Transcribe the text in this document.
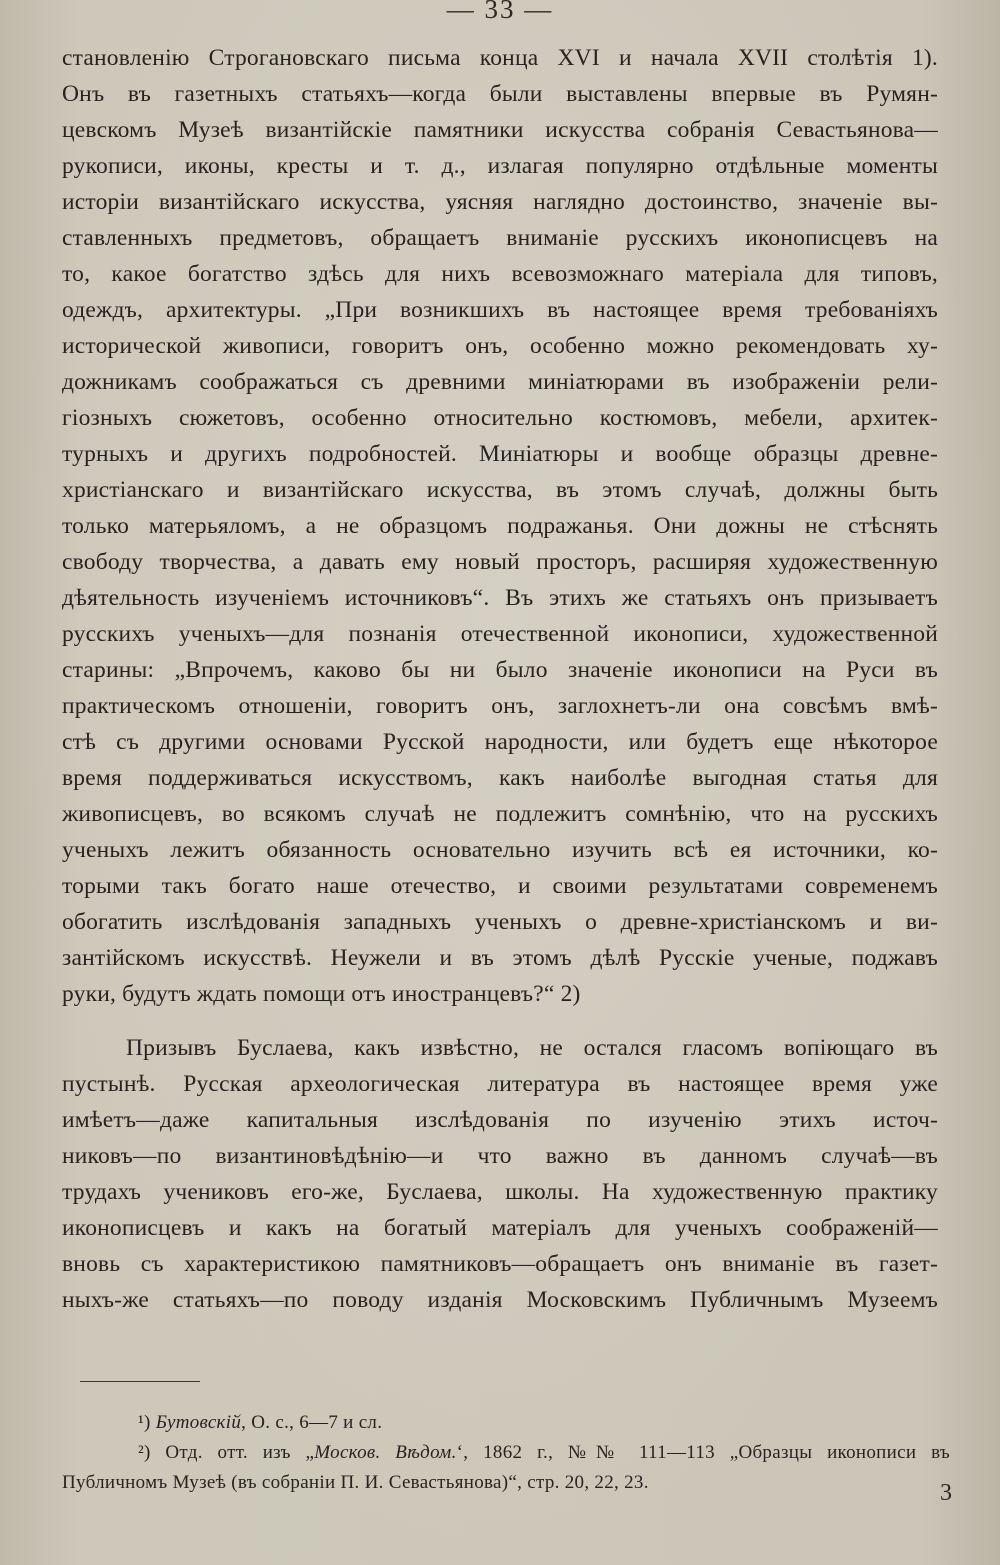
— 33 —
становленію Строгановскаго письма конца XVI и начала XVII столѣтія 1).
Онъ въ газетныхъ статьяхъ—когда были выставлены впервые въ Румян-
цевскомъ Музеѣ византійскіе памятники искусства собранія Севастьянова—
рукописи, иконы, кресты и т. д., излагая популярно отдѣльные моменты
исторіи византійскаго искусства, уясняя наглядно достоинство, значеніе вы-
ставленныхъ предметовъ, обращаетъ вниманіе русскихъ иконописцевъ на
то, какое богатство здѣсь для нихъ всевозможнаго матеріала для типовъ,
одеждъ, архитектуры. „При возникшихъ въ настоящее время требованіяхъ
исторической живописи, говоритъ онъ, особенно можно рекомендовать ху-
дожникамъ соображаться съ древними миніатюрами въ изображеніи рели-
гіозныхъ сюжетовъ, особенно относительно костюмовъ, мебели, архитек-
турныхъ и другихъ подробностей. Миніатюры и вообще образцы древне-
христіанскаго и византійскаго искусства, въ этомъ случаѣ, должны быть
только матерьяломъ, а не образцомъ подражанья. Они дожны не стѣснять
свободу творчества, а давать ему новый просторъ, расширяя художественную
дѣятельность изученіемъ источниковъ“. Въ этихъ же статьяхъ онъ призываетъ
русскихъ ученыхъ—для познанія отечественной иконописи, художественной
старины: „Впрочемъ, каково бы ни было значеніе иконописи на Руси въ
практическомъ отношеніи, говоритъ онъ, заглохнетъ-ли она совсѣмъ вмѣ-
стѣ съ другими основами Русской народности, или будетъ еще нѣкоторое
время поддерживаться искусствомъ, какъ наиболѣе выгодная статья для
живописцевъ, во всякомъ случаѣ не подлежитъ сомнѣнію, что на русскихъ
ученыхъ лежитъ обязанность основательно изучить всѣ ея источники, ко-
торыми такъ богато наше отечество, и своими результатами современемъ
обогатить изслѣдованія западныхъ ученыхъ о древне-христіанскомъ и ви-
зантійскомъ искусствѣ. Неужели и въ этомъ дѣлѣ Русскіе ученые, поджавъ
руки, будутъ ждать помощи отъ иностранцевъ?“ 2)
Призывъ Буслаева, какъ извѣстно, не остался гласомъ вопіющаго въ
пустынѣ. Русская археологическая литература въ настоящее время уже
имѣетъ—даже капитальныя изслѣдованія по изученію этихъ источ-
никовъ—по византиновѣдѣнію—и что важно въ данномъ случаѣ—въ
трудахъ учениковъ его-же, Буслаева, школы. На художественную практику
иконописцевъ и какъ на богатый матеріалъ для ученыхъ соображеній—
вновь съ характеристикою памятниковъ—обращаетъ онъ вниманіе въ газет-
ныхъ-же статьяхъ—по поводу изданія Московскимъ Публичнымъ Музеемъ
¹) Бутовскій, О. с., 6—7 и сл.
²) Отд. отт. изъ „Москов. Вѣдом.‘, 1862 г., №№ 111—113 „Образцы иконописи въ
Публичномъ Музеѣ (въ собраніи П. И. Севастьянова)“, стр. 20, 22, 23.	3
